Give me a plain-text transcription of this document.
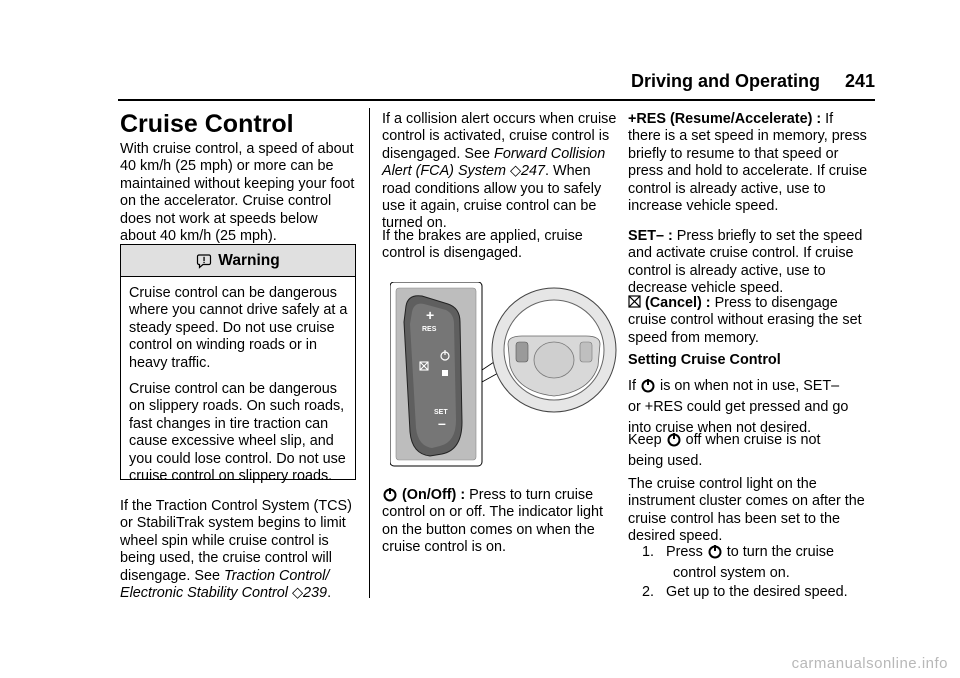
Driving and Operating 241
Cruise Control
With cruise control, a speed of about 40 km/h (25 mph) or more can be maintained without keeping your foot on the accelerator. Cruise control does not work at speeds below about 40 km/h (25 mph).
Warning

Cruise control can be dangerous where you cannot drive safely at a steady speed. Do not use cruise control on winding roads or in heavy traffic.

Cruise control can be dangerous on slippery roads. On such roads, fast changes in tire traction can cause excessive wheel slip, and you could lose control. Do not use cruise control on slippery roads.

If the Traction Control System (TCS) or StabiliTrak system begins to limit wheel spin while cruise control is being used, the cruise control will disengage. See Traction Control/ Electronic Stability Control ◇239.
If a collision alert occurs when cruise control is activated, cruise control is disengaged. See Forward Collision Alert (FCA) System ◇247. When road conditions allow you to safely use it again, cruise control can be turned on.
If the brakes are applied, cruise control is disengaged.
+
RES
SET
–
(On/Off) : Press to turn cruise control on or off. The indicator light on the button comes on when the cruise control is on.
+RES (Resume/Accelerate) : If there is a set speed in memory, press briefly to resume to that speed or press and hold to accelerate. If cruise control is already active, use to increase vehicle speed.
SET– : Press briefly to set the speed and activate cruise control. If cruise control is already active, use to decrease vehicle speed.
(Cancel) : Press to disengage cruise control without erasing the set speed from memory.
Setting Cruise Control
If is on when not in use, SET–
or +RES could get pressed and go into cruise when not desired.
Keep off when cruise is not
being used.
The cruise control light on the instrument cluster comes on after the cruise control has been set to the desired speed.
1. Press to turn the cruise
control system on.
2. Get up to the desired speed.
carmanualsonline.info
